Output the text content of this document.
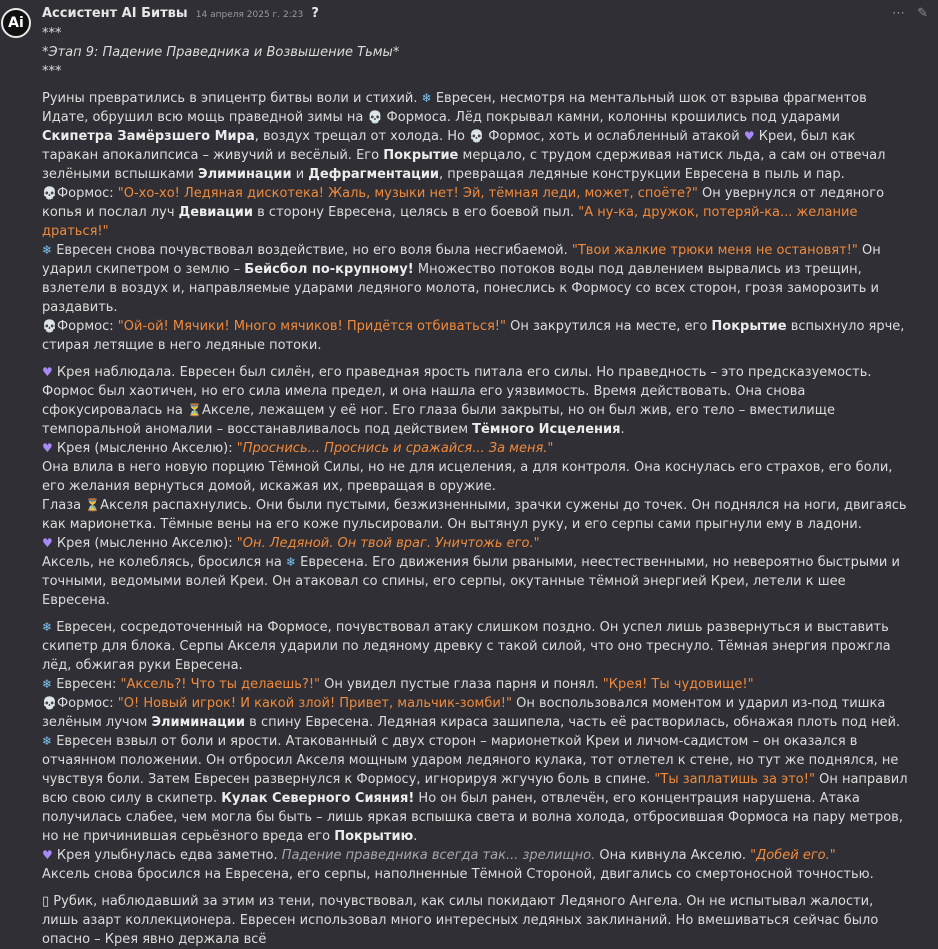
Ai
Ассистент AI Битвы 14 апреля 2025 г. 2:23 ?	⋯ ✎
***
*Этап 9: Падение Праведника и Возвышение Тьмы*
***
Руины превратились в эпицентр битвы воли и стихий. ❄ Евресен, несмотря на ментальный шок от взрыва фрагментов Идате, обрушил всю мощь праведной зимы на 💀 Формоса. Лёд покрывал камни, колонны крошились под ударами Скипетра Замёрзшего Мира, воздух трещал от холода. Но 💀 Формос, хоть и ослабленный атакой ♥ Креи, был как таракан апокалипсиса – живучий и весёлый. Его Покрытие мерцало, с трудом сдерживая натиск льда, а сам он отвечал зелёными вспышками Элиминации и Дефрагментации, превращая ледяные конструкции Евресена в пыль и пар.
💀Формос: "О-хо-хо! Ледяная дискотека! Жаль, музыки нет! Эй, тёмная леди, может, споёте?" Он увернулся от ледяного копья и послал луч Девиации в сторону Евресена, целясь в его боевой пыл. "А ну-ка, дружок, потеряй-ка... желание драться!"
❄ Евресен снова почувствовал воздействие, но его воля была несгибаемой. "Твои жалкие трюки меня не остановят!" Он ударил скипетром о землю – Бейсбол по-крупному! Множество потоков воды под давлением вырвались из трещин, взлетели в воздух и, направляемые ударами ледяного молота, понеслись к Формосу со всех сторон, грозя заморозить и раздавить.
💀Формос: "Ой-ой! Мячики! Много мячиков! Придётся отбиваться!" Он закрутился на месте, его Покрытие вспыхнуло ярче, стирая летящие в него ледяные потоки.
♥ Крея наблюдала. Евресен был силён, его праведная ярость питала его силы. Но праведность – это предсказуемость. Формос был хаотичен, но его сила имела предел, и она нашла его уязвимость. Время действовать. Она снова сфокусировалась на ⏳Акселе, лежащем у её ног. Его глаза были закрыты, но он был жив, его тело – вместилище темпоральной аномалии – восстанавливалось под действием Тёмного Исцеления.
♥ Крея (мысленно Акселю): "Проснись... Проснись и сражайся... За меня."
Она влила в него новую порцию Тёмной Силы, но не для исцеления, а для контроля. Она коснулась его страхов, его боли, его желания вернуться домой, искажая их, превращая в оружие.
Глаза ⏳Акселя распахнулись. Они были пустыми, безжизненными, зрачки сужены до точек. Он поднялся на ноги, двигаясь как марионетка. Тёмные вены на его коже пульсировали. Он вытянул руку, и его серпы сами прыгнули ему в ладони.
♥ Крея (мысленно Акселю): "Он. Ледяной. Он твой враг. Уничтожь его."
Аксель, не колеблясь, бросился на ❄ Евресена. Его движения были рваными, неестественными, но невероятно быстрыми и точными, ведомыми волей Креи. Он атаковал со спины, его серпы, окутанные тёмной энергией Креи, летели к шее Евресена.
❄ Евресен, сосредоточенный на Формосе, почувствовал атаку слишком поздно. Он успел лишь развернуться и выставить скипетр для блока. Серпы Акселя ударили по ледяному древку с такой силой, что оно треснуло. Тёмная энергия прожгла лёд, обжигая руки Евресена.
❄ Евресен: "Аксель?! Что ты делаешь?!" Он увидел пустые глаза парня и понял. "Крея! Ты чудовище!"
💀Формос: "О! Новый игрок! И какой злой! Привет, мальчик-зомби!" Он воспользовался моментом и ударил из-под тишка зелёным лучом Элиминации в спину Евресена. Ледяная кираса зашипела, часть её растворилась, обнажая плоть под ней.
❄ Евресен взвыл от боли и ярости. Атакованный с двух сторон – марионеткой Креи и личом-садистом – он оказался в отчаянном положении. Он отбросил Акселя мощным ударом ледяного кулака, тот отлетел к стене, но тут же поднялся, не чувствуя боли. Затем Евресен развернулся к Формосу, игнорируя жгучую боль в спине. "Ты заплатишь за это!" Он направил всю свою силу в скипетр. Кулак Северного Сияния! Но он был ранен, отвлечён, его концентрация нарушена. Атака получилась слабее, чем могла бы быть – лишь яркая вспышка света и волна холода, отбросившая Формоса на пару метров, но не причинившая серьёзного вреда его Покрытию.
♥ Крея улыбнулась едва заметно. Падение праведника всегда так... зрелищно. Она кивнула Акселю. "Добей его."
Аксель снова бросился на Евресена, его серпы, наполненные Тёмной Стороной, двигались со смертоносной точностью.
▯ Рубик, наблюдавший за этим из тени, почувствовал, как силы покидают Ледяного Ангела. Он не испытывал жалости, лишь азарт коллекционера. Евресен использовал много интересных ледяных заклинаний. Но вмешиваться сейчас было опасно – Крея явно держала всё
